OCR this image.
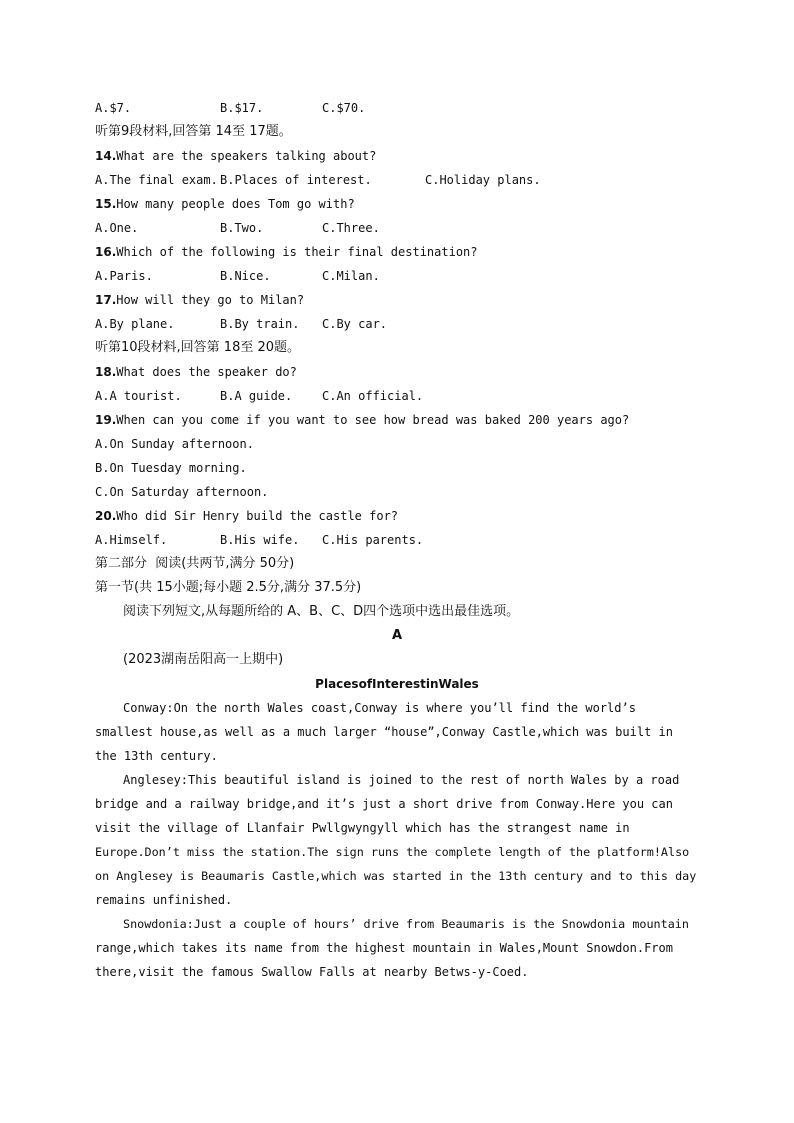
A.$7.

	B.$17.

	C.$70.

听第9段材料,回答第 14至 17题。
14.What are the speakers talking about?

A.The final exam.

B.Places of interest.

	C.Holiday plans.

15.How many people does Tom go with?

A.One.

	B.Two.

	C.Three.

16.Which of the following is their final destination?

A.Paris.

	B.Nice.

	C.Milan.

17.How will they go to Milan?

A.By plane.

	B.By train.

C.By car.

听第10段材料,回答第 18至 20题。
18.What does the speaker do?

A.A tourist.

	B.A guide.

C.An official.

19.When can you come if you want to see how bread was baked 200 years ago?
A.On Sunday afternoon.
B.On Tuesday morning.
C.On Saturday afternoon.
20.Who did Sir Henry build the castle for?

A.Himself.

	B.His wife.

C.His parents.

第二部分  阅读(共两节,满分 50分)
第一节(共 15小题;每小题 2.5分,满分 37.5分)
阅读下列短文,从每题所给的 A、B、C、D四个选项中选出最佳选项。
A
(2023湖南岳阳高一上期中)
PlacesofInterestinWales
Conway:On the north Wales coast,Conway is where you’ll find the world’s
smallest house,as well as a much larger “house”,Conway Castle,which was built in
the 13th century.
Anglesey:This beautiful island is joined to the rest of north Wales by a road
bridge and a railway bridge,and it’s just a short drive from Conway.Here you can
visit the village of Llanfair Pwllgwyngyll which has the strangest name in
Europe.Don’t miss the station.The sign runs the complete length of the platform!Also
on Anglesey is Beaumaris Castle,which was started in the 13th century and to this day
remains unfinished.
Snowdonia:Just a couple of hours’ drive from Beaumaris is the Snowdonia mountain
range,which takes its name from the highest mountain in Wales,Mount Snowdon.From
there,visit the famous Swallow Falls at nearby Betws-y-Coed.
